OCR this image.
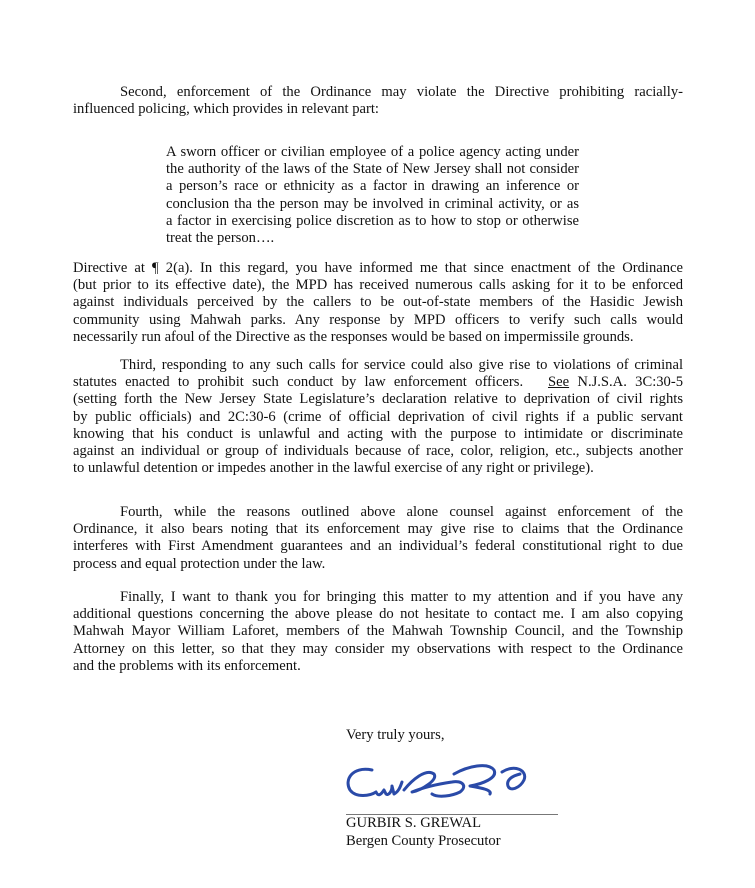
Second, enforcement of the Ordinance may violate the Directive prohibiting racially-
influenced policing, which provides in relevant part:
A sworn officer or civilian employee of a police agency acting under
the authority of the laws of the State of New Jersey shall not consider
a person’s race or ethnicity as a factor in drawing an inference or
conclusion tha the person may be involved in criminal activity, or as
a factor in exercising police discretion as to how to stop or otherwise
treat the person….
Directive at ¶ 2(a). In this regard, you have informed me that since enactment of the Ordinance
(but prior to its effective date), the MPD has received numerous calls asking for it to be enforced
against individuals perceived by the callers to be out-of-state members of the Hasidic Jewish
community using Mahwah parks. Any response by MPD officers to verify such calls would
necessarily run afoul of the Directive as the responses would be based on impermissile grounds.
Third, responding to any such calls for service could also give rise to violations of criminal
statutes enacted to prohibit such conduct by law enforcement officers. See N.J.S.A. 3C:30-5
(setting forth the New Jersey State Legislature’s declaration relative to deprivation of civil rights
by public officials) and 2C:30-6 (crime of official deprivation of civil rights if a public servant
knowing that his conduct is unlawful and acting with the purpose to intimidate or discriminate
against an individual or group of individuals because of race, color, religion, etc., subjects another
to unlawful detention or impedes another in the lawful exercise of any right or privilege).
Fourth, while the reasons outlined above alone counsel against enforcement of the
Ordinance, it also bears noting that its enforcement may give rise to claims that the Ordinance
interferes with First Amendment guarantees and an individual’s federal constitutional right to due
process and equal protection under the law.
Finally, I want to thank you for bringing this matter to my attention and if you have any
additional questions concerning the above please do not hesitate to contact me. I am also copying
Mahwah Mayor William Laforet, members of the Mahwah Township Council, and the Township
Attorney on this letter, so that they may consider my observations with respect to the Ordinance
and the problems with its enforcement.
Very truly yours,
GURBIR S. GREWAL
Bergen County Prosecutor
